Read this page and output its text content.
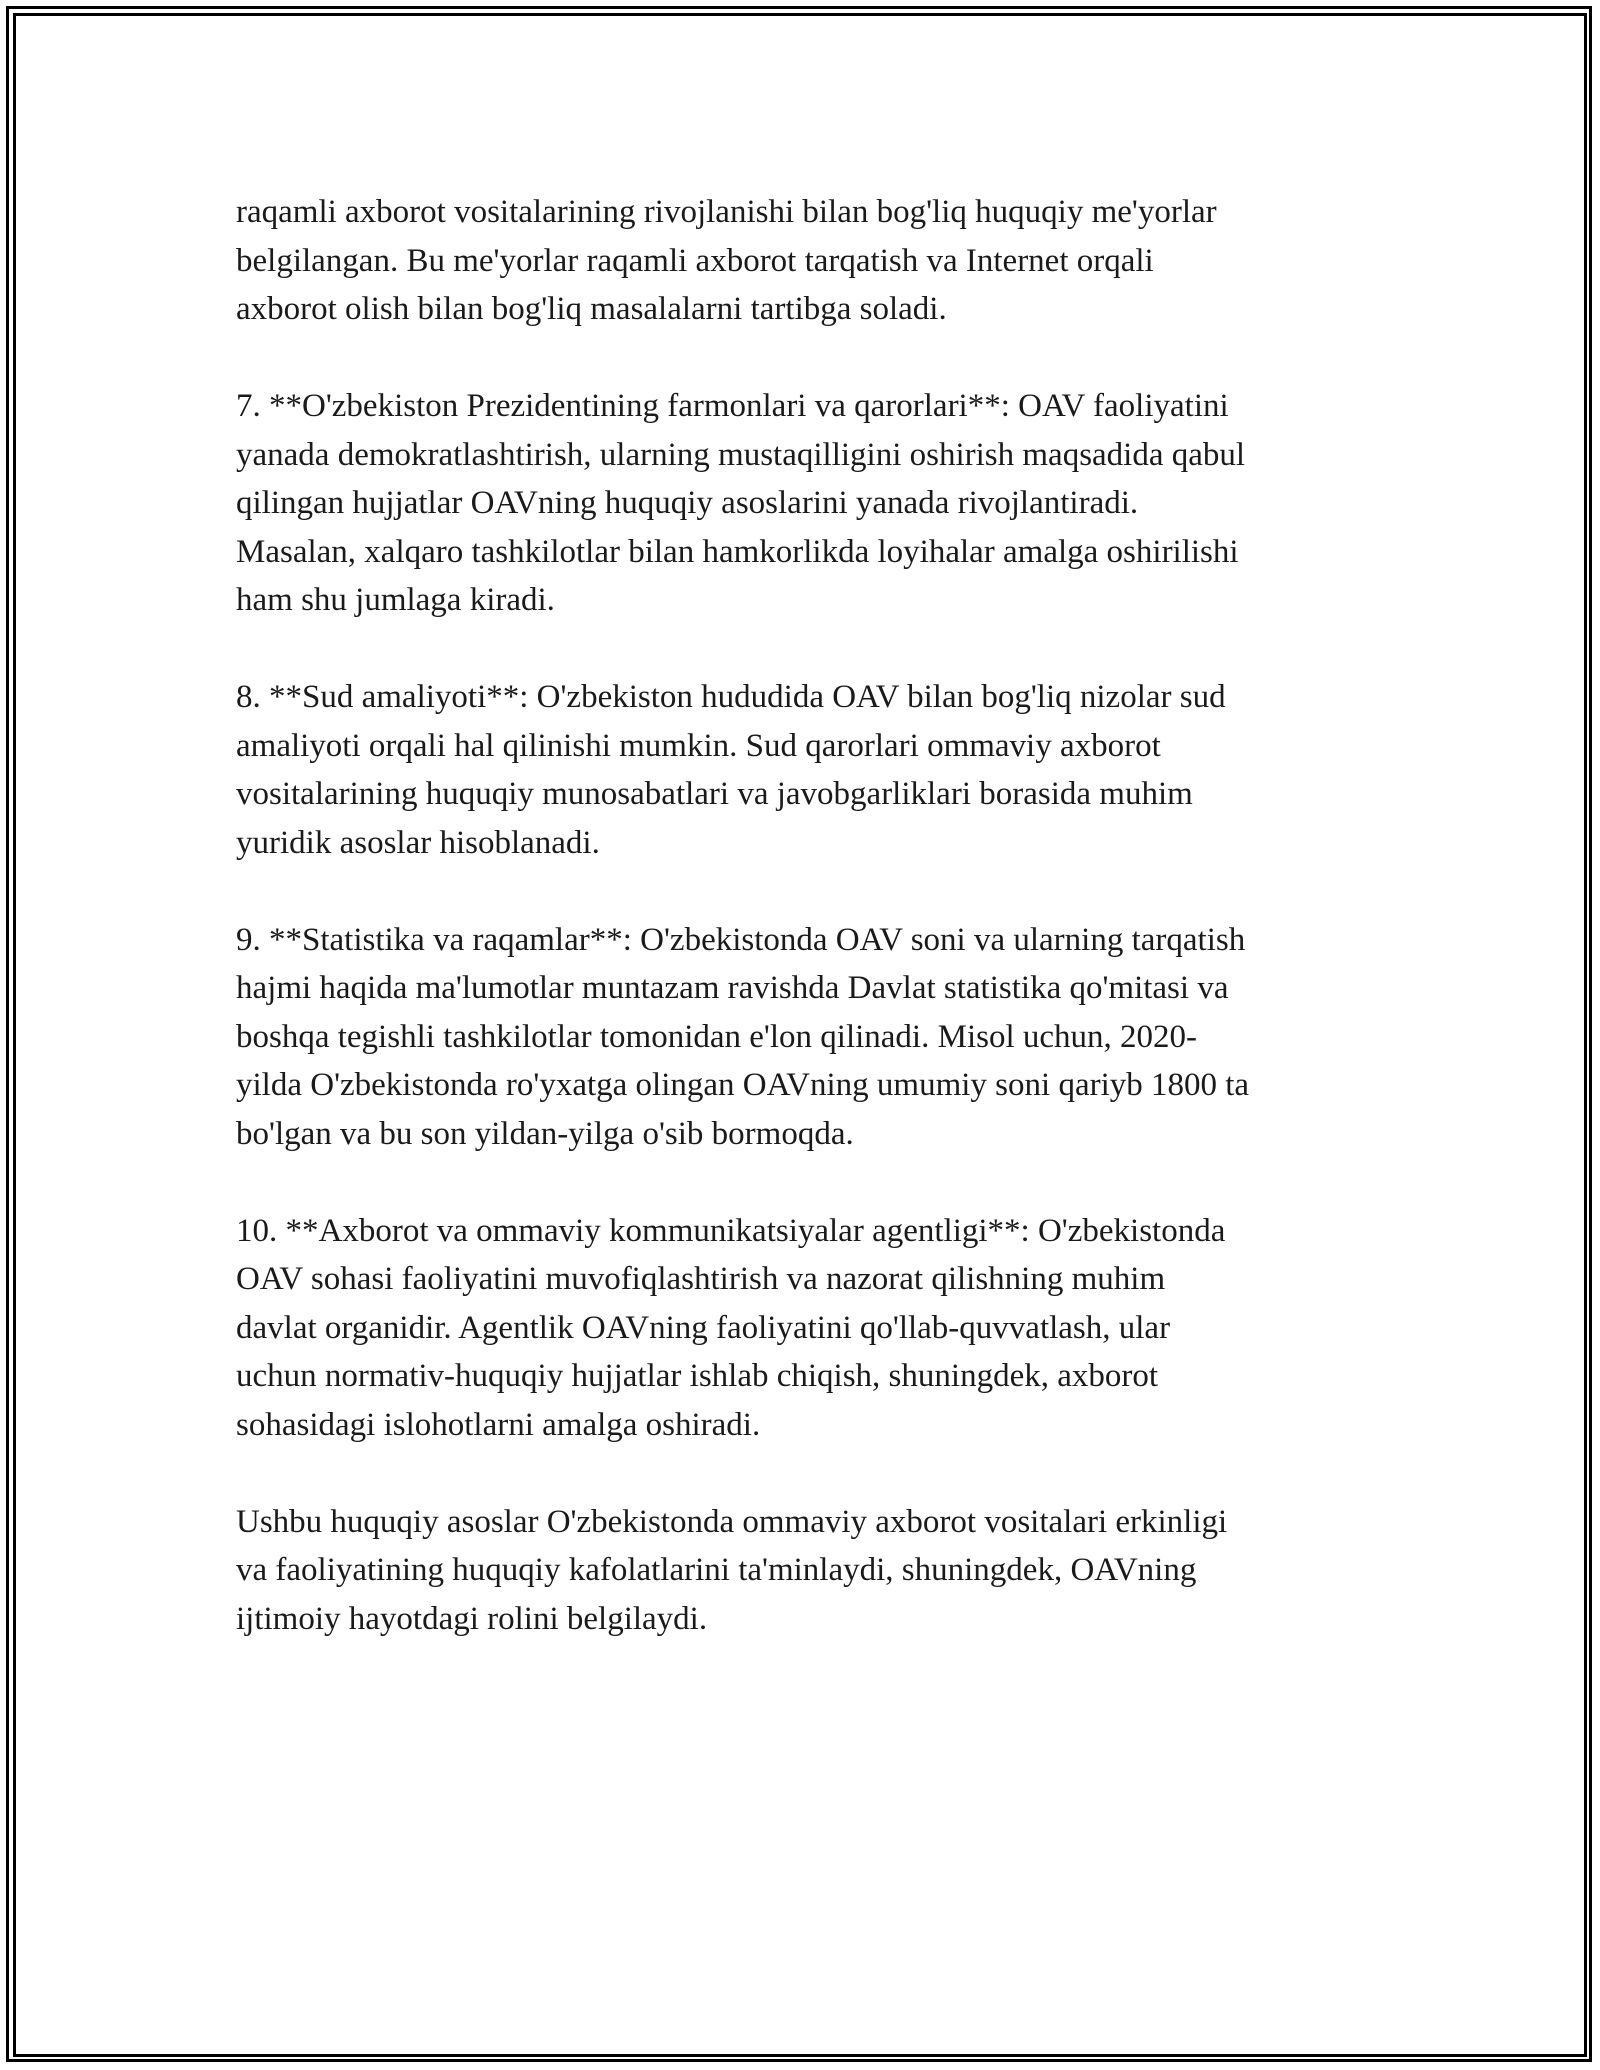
raqamli axborot vositalarining rivojlanishi bilan bog'liq huquqiy me'yorlar
belgilangan. Bu me'yorlar raqamli axborot tarqatish va Internet orqali
axborot olish bilan bog'liq masalalarni tartibga soladi.

7. **O'zbekiston Prezidentining farmonlari va qarorlari**: OAV faoliyatini
yanada demokratlashtirish, ularning mustaqilligini oshirish maqsadida qabul
qilingan hujjatlar OAVning huquqiy asoslarini yanada rivojlantiradi.
Masalan, xalqaro tashkilotlar bilan hamkorlikda loyihalar amalga oshirilishi
ham shu jumlaga kiradi.

8. **Sud amaliyoti**: O'zbekiston hududida OAV bilan bog'liq nizolar sud
amaliyoti orqali hal qilinishi mumkin. Sud qarorlari ommaviy axborot
vositalarining huquqiy munosabatlari va javobgarliklari borasida muhim
yuridik asoslar hisoblanadi.

9. **Statistika va raqamlar**: O'zbekistonda OAV soni va ularning tarqatish
hajmi haqida ma'lumotlar muntazam ravishda Davlat statistika qo'mitasi va
boshqa tegishli tashkilotlar tomonidan e'lon qilinadi. Misol uchun, 2020-
yilda O'zbekistonda ro'yxatga olingan OAVning umumiy soni qariyb 1800 ta
bo'lgan va bu son yildan-yilga o'sib bormoqda.

10. **Axborot va ommaviy kommunikatsiyalar agentligi**: O'zbekistonda
OAV sohasi faoliyatini muvofiqlashtirish va nazorat qilishning muhim
davlat organidir. Agentlik OAVning faoliyatini qo'llab-quvvatlash, ular
uchun normativ-huquqiy hujjatlar ishlab chiqish, shuningdek, axborot
sohasidagi islohotlarni amalga oshiradi.

Ushbu huquqiy asoslar O'zbekistonda ommaviy axborot vositalari erkinligi
va faoliyatining huquqiy kafolatlarini ta'minlaydi, shuningdek, OAVning
ijtimoiy hayotdagi rolini belgilaydi.
